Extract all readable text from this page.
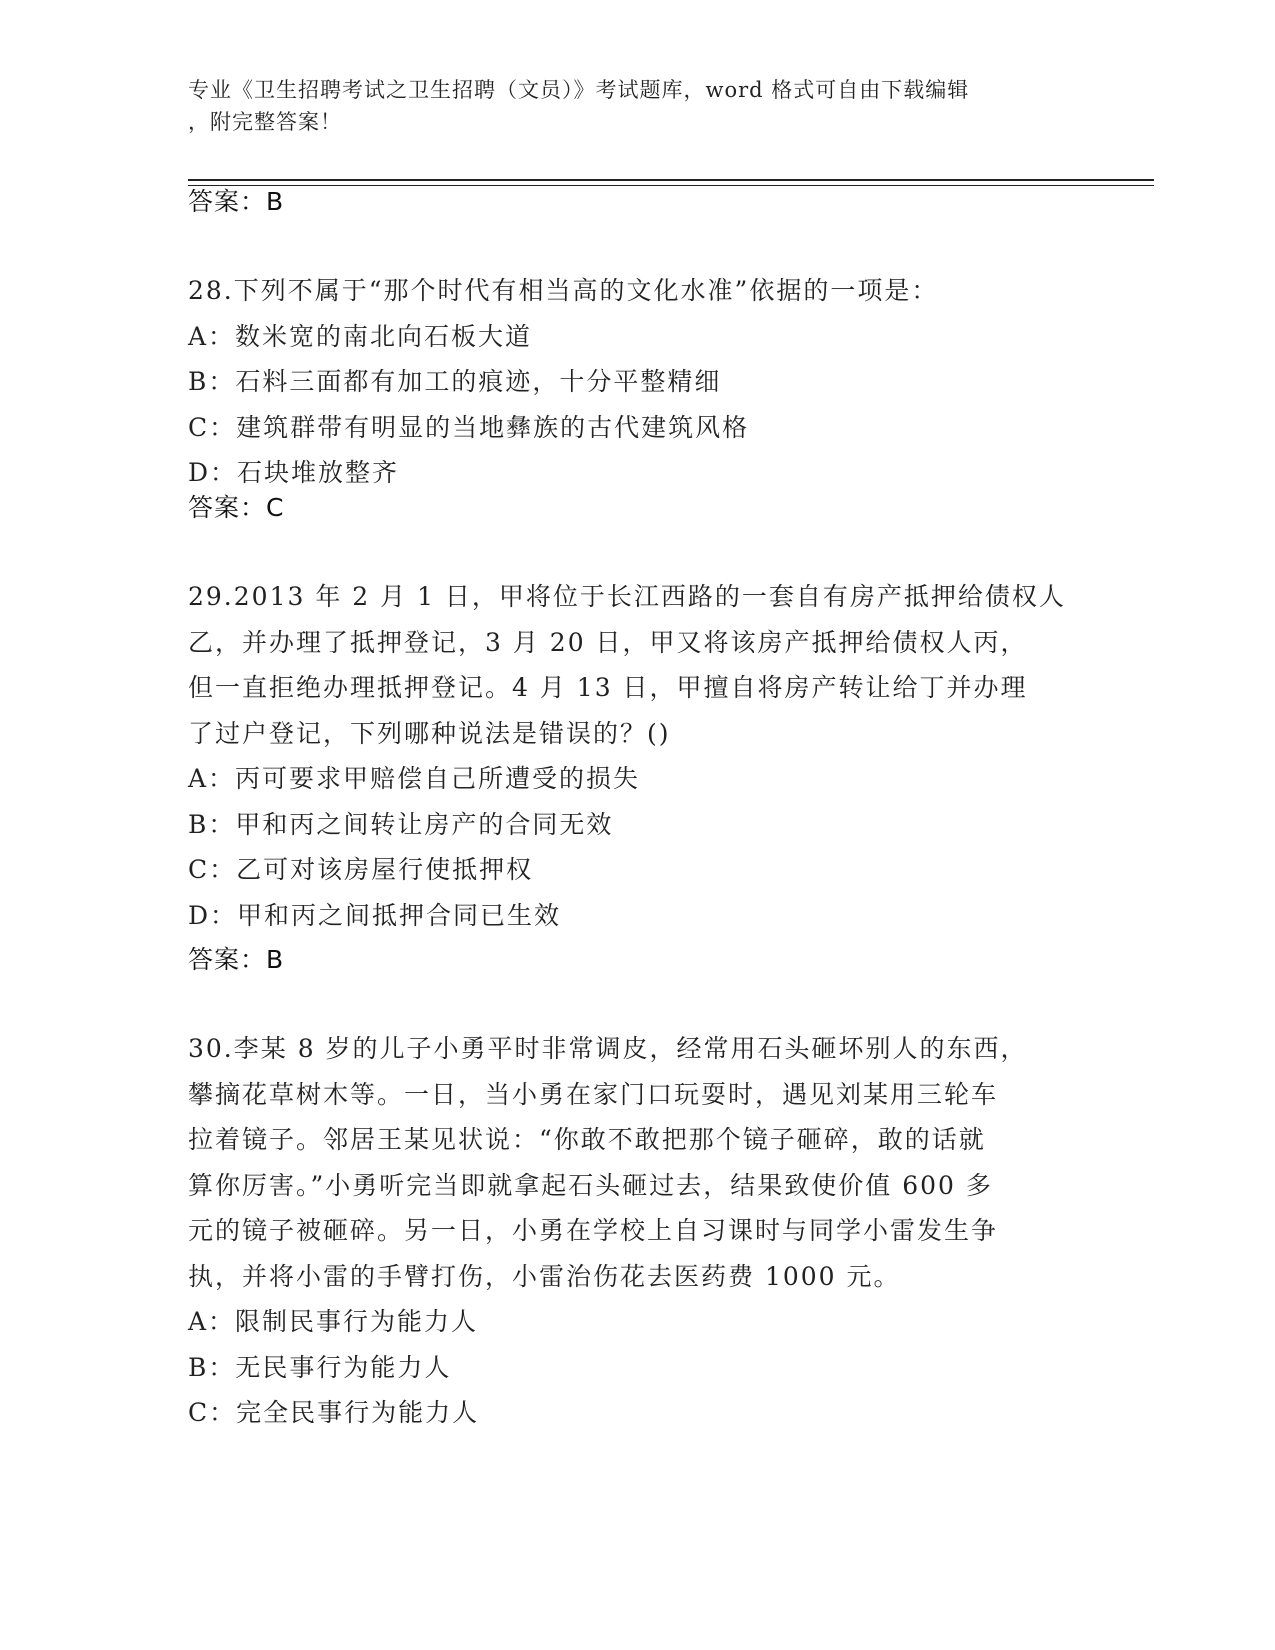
专业《卫生招聘考试之卫生招聘（文员）》考试题库，word 格式可自由下载编辑
，附完整答案！
答案：B

28.下列不属于“那个时代有相当高的文化水准”依据的一项是：

A：数米宽的南北向石板大道
B：石料三面都有加工的痕迹，十分平整精细
C：建筑群带有明显的当地彝族的古代建筑风格
D：石块堆放整齐
答案：C

29.2013 年 2 月 1 日，甲将位于长江西路的一套自有房产抵押给债权人

乙，并办理了抵押登记，3 月 20 日，甲又将该房产抵押给债权人丙，

但一直拒绝办理抵押登记。4 月 13 日，甲擅自将房产转让给丁并办理

了过户登记，下列哪种说法是错误的？()

A：丙可要求甲赔偿自己所遭受的损失
B：甲和丙之间转让房产的合同无效
C：乙可对该房屋行使抵押权
D：甲和丙之间抵押合同已生效
答案：B

30.李某 8 岁的儿子小勇平时非常调皮，经常用石头砸坏别人的东西，

攀摘花草树木等。一日，当小勇在家门口玩耍时，遇见刘某用三轮车

拉着镜子。邻居王某见状说：“你敢不敢把那个镜子砸碎，敢的话就

算你厉害。”小勇听完当即就拿起石头砸过去，结果致使价值 600 多

元的镜子被砸碎。另一日，小勇在学校上自习课时与同学小雷发生争

执，并将小雷的手臂打伤，小雷治伤花去医药费 1000 元。

A：限制民事行为能力人
B：无民事行为能力人
C：完全民事行为能力人
